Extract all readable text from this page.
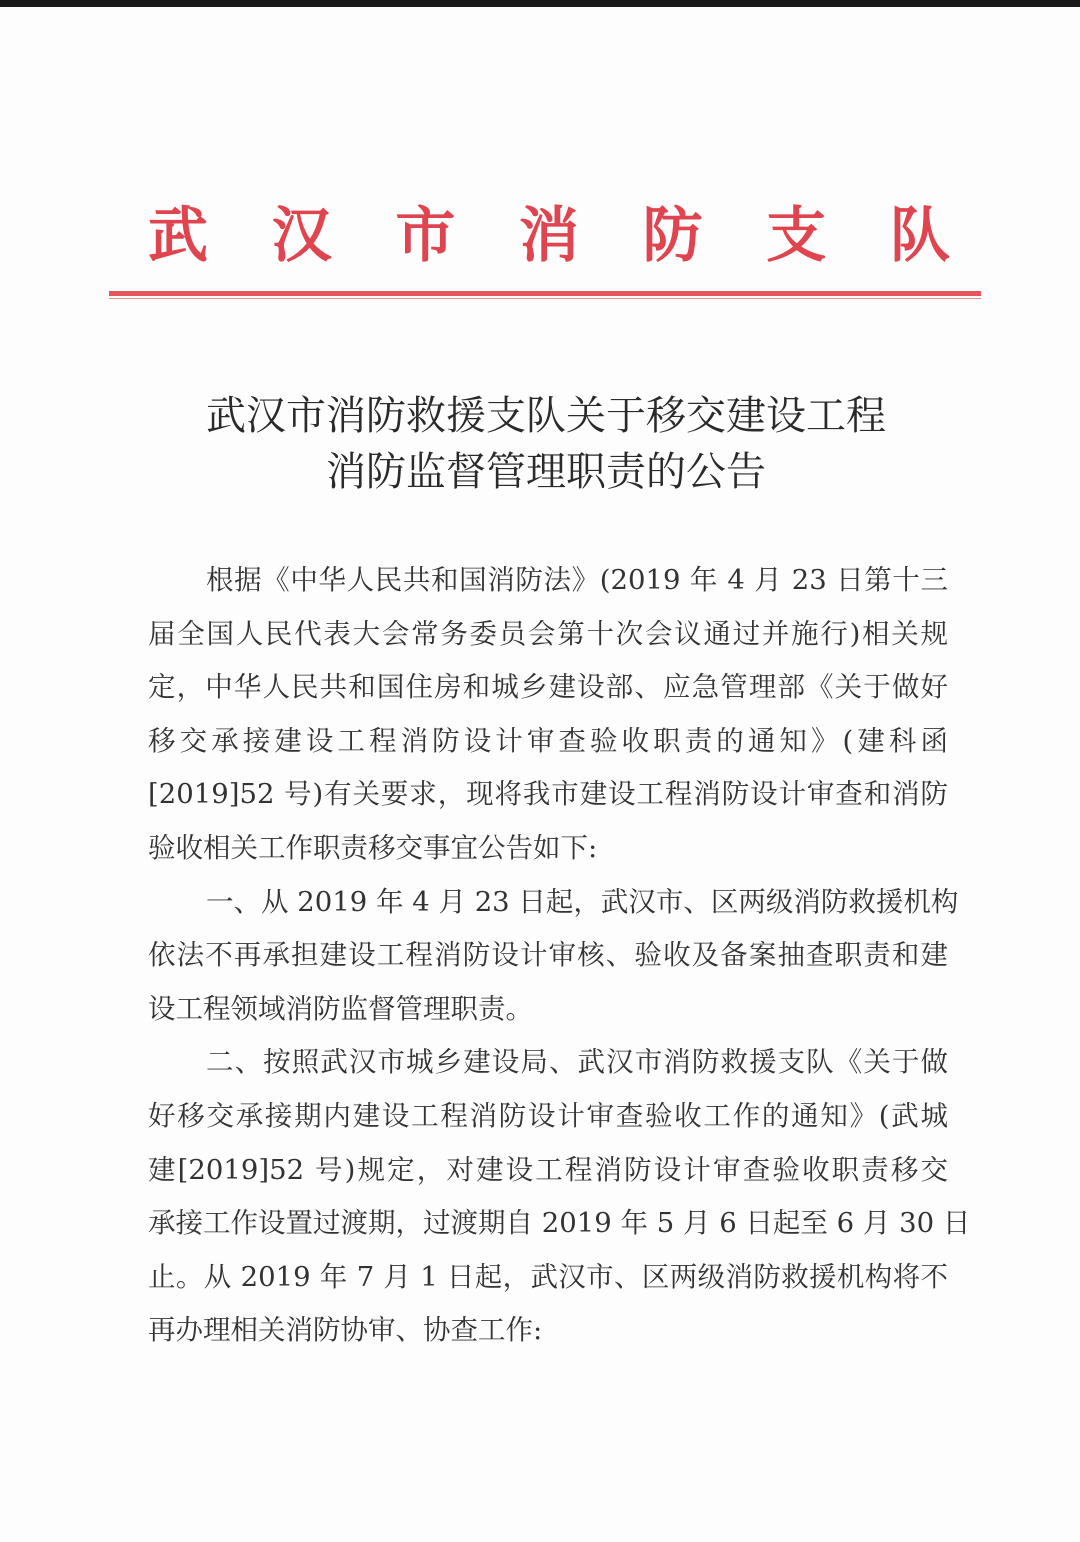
武 汉 市 消 防 支 队
武汉市消防救援支队关于移交建设工程
消防监督管理职责的公告
根据《中华人民共和国消防法》(2019 年 4 月 23 日第十三
届全国人民代表大会常务委员会第十次会议通过并施行)相关规
定，中华人民共和国住房和城乡建设部、应急管理部《关于做好
移交承接建设工程消防设计审查验收职责的通知》(建科函
[2019]52 号)有关要求，现将我市建设工程消防设计审查和消防
验收相关工作职责移交事宜公告如下:
一、从 2019 年 4 月 23 日起，武汉市、区两级消防救援机构
依法不再承担建设工程消防设计审核、验收及备案抽查职责和建
设工程领域消防监督管理职责。
二、按照武汉市城乡建设局、武汉市消防救援支队《关于做
好移交承接期内建设工程消防设计审查验收工作的通知》(武城
建[2019]52 号)规定，对建设工程消防设计审查验收职责移交
承接工作设置过渡期，过渡期自 2019 年 5 月 6 日起至 6 月 30 日
止。从 2019 年 7 月 1 日起，武汉市、区两级消防救援机构将不
再办理相关消防协审、协查工作:
